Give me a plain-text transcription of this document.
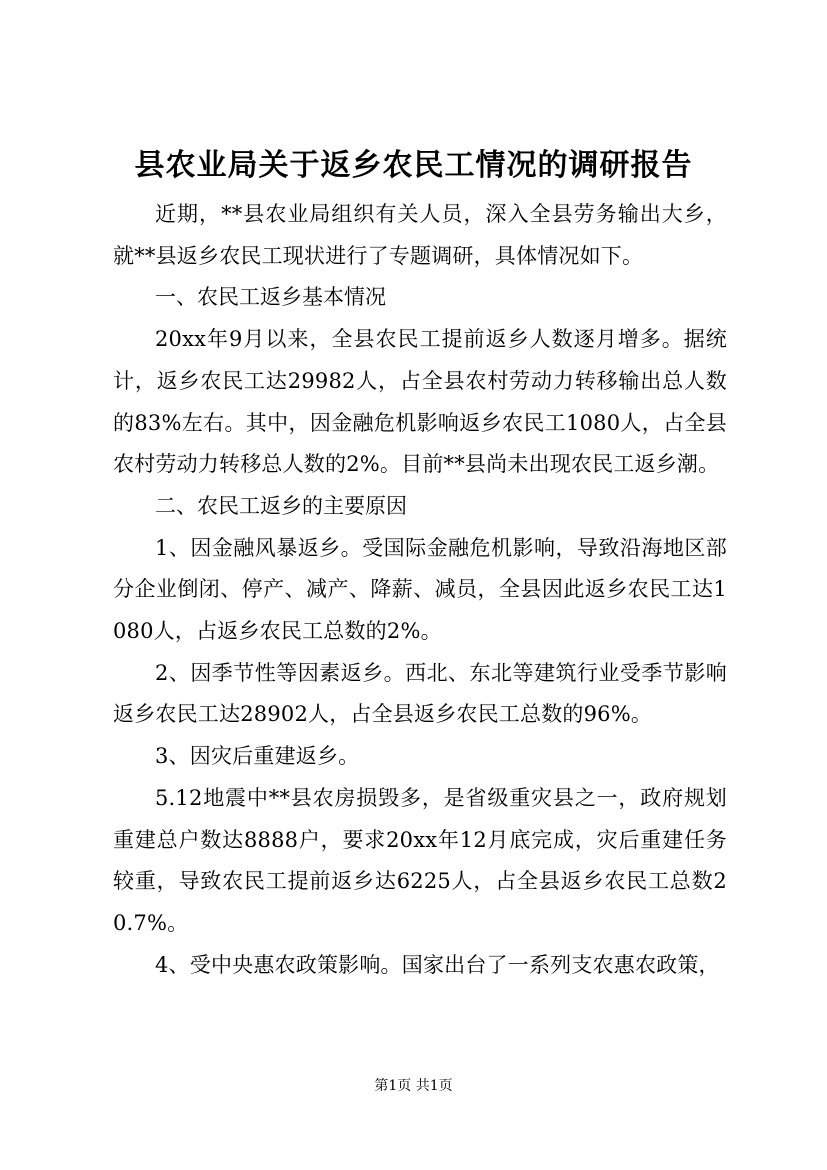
县农业局关于返乡农民工情况的调研报告

近期，**县农业局组织有关人员，深入全县劳务输出大乡，就**县返乡农民工现状进行了专题调研，具体情况如下。

一、农民工返乡基本情况

20xx年9月以来，全县农民工提前返乡人数逐月增多。据统计，返乡农民工达29982人，占全县农村劳动力转移输出总人数的83%左右。其中，因金融危机影响返乡农民工1080人，占全县农村劳动力转移总人数的2%。目前**县尚未出现农民工返乡潮。

二、农民工返乡的主要原因

1、因金融风暴返乡。受国际金融危机影响，导致沿海地区部分企业倒闭、停产、减产、降薪、减员，全县因此返乡农民工达1080人，占返乡农民工总数的2%。

2、因季节性等因素返乡。西北、东北等建筑行业受季节影响返乡农民工达28902人，占全县返乡农民工总数的96%。

3、因灾后重建返乡。

5.12地震中**县农房损毁多，是省级重灾县之一，政府规划重建总户数达8888户，要求20xx年12月底完成，灾后重建任务较重，导致农民工提前返乡达6225人，占全县返乡农民工总数20.7%。

4、受中央惠农政策影响。国家出台了一系列支农惠农政策，

第1页 共1页
